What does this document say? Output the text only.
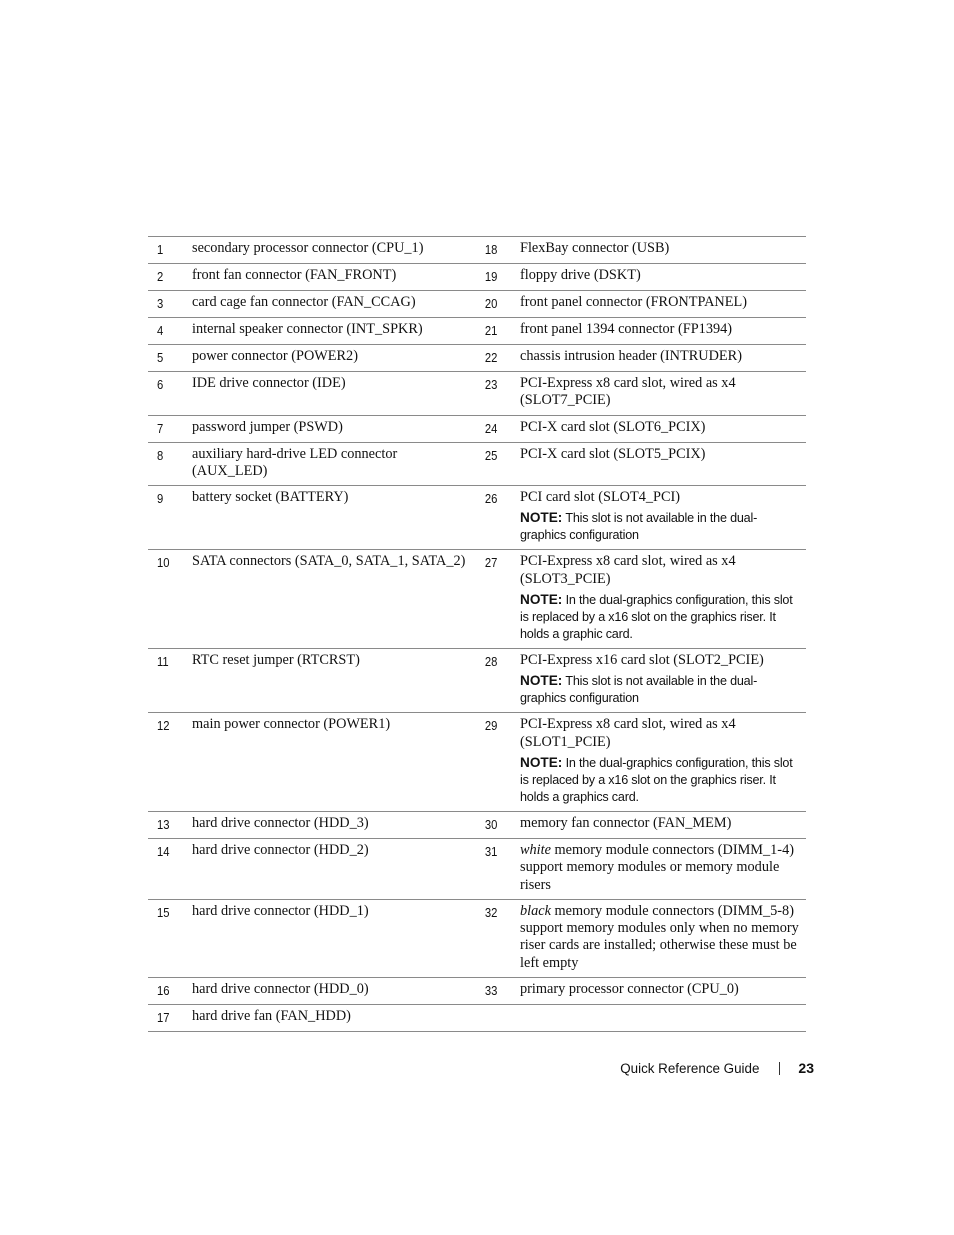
1	secondary processor connector (CPU_1)	18	FlexBay connector (USB)

2	front fan connector (FAN_FRONT)	19	floppy drive (DSKT)

3	card cage fan connector (FAN_CCAG)	20	front panel connector (FRONTPANEL)

4	internal speaker connector (INT_SPKR)	21	front panel 1394 connector (FP1394)

5	power connector (POWER2)	22	chassis intrusion header (INTRUDER)

6	IDE drive connector (IDE)	23	PCI-Express x8 card slot, wired as x4 (SLOT7_PCIE)

7	password jumper (PSWD)	24	PCI-X card slot (SLOT6_PCIX)

8	auxiliary hard-drive LED connector (AUX_LED)	25	PCI-X card slot (SLOT5_PCIX)

9	battery socket (BATTERY)	26	PCI card slot (SLOT4_PCI)
NOTE: This slot is not available in the dual-graphics configuration

10	SATA connectors (SATA_0, SATA_1, SATA_2)	27	PCI-Express x8 card slot, wired as x4 (SLOT3_PCIE)
NOTE: In the dual-graphics configuration, this slot is replaced by a x16 slot on the graphics riser. It holds a graphic card.

11	RTC reset jumper (RTCRST)	28	PCI-Express x16 card slot (SLOT2_PCIE)
NOTE: This slot is not available in the dual-graphics configuration

12	main power connector (POWER1)	29	PCI-Express x8 card slot, wired as x4 (SLOT1_PCIE)
NOTE: In the dual-graphics configuration, this slot is replaced by a x16 slot on the graphics riser. It holds a graphics card.

13	hard drive connector (HDD_3)	30	memory fan connector (FAN_MEM)

14	hard drive connector (HDD_2)	31	white memory module connectors (DIMM_1-4) support memory modules or memory module risers

15	hard drive connector (HDD_1)	32	black memory module connectors (DIMM_5-8) support memory modules only when no memory riser cards are installed; otherwise these must be left empty

16	hard drive connector (HDD_0)	33	primary processor connector (CPU_0)

17	hard drive fan (FAN_HDD)		

Quick Reference Guide	23
